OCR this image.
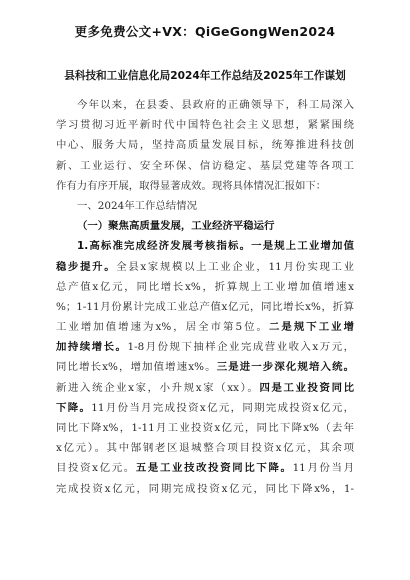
更多免费公文+VX：QiGeGongWen2024
县科技和工业信息化局2024年工作总结及2025年工作谋划
今年以来，在县委、县政府的正确领导下，科工局深入
学习贯彻习近平新时代中国特色社会主义思想，紧紧围绕
中心、服务大局，坚持高质量发展目标，统筹推进科技创
新、工业运行、安全环保、信访稳定、基层党建等各项工
作有力有序开展，取得显著成效。现将具体情况汇报如下：
一、2024年工作总结情况
（一）聚焦高质量发展，工业经济平稳运行
1.高标准完成经济发展考核指标。一是规上工业增加值
稳步提升。全县x家规模以上工业企业，11月份实现工业
总产值x亿元，同比增长x%，折算规上工业增加值增速x
%；1-11月份累计完成工业总产值x亿元，同比增长x%，折算
工业增加值增速为x%，居全市第5位。二是规下工业增
加持续增长。1-8月份规下抽样企业完成营业收入x万元，
同比增长x%，增加值增速x%。三是进一步深化规培入统。
新进入统企业x家，小升规x家（xx）。四是工业投资同比
下降。11月份当月完成投资x亿元，同期完成投资x亿元，
同比下降x%，1-11月工业投资x亿元，同比下降x%（去年
x亿元）。其中郜钢老区退城整合项目投资x亿元，其余项
目投资x亿元。五是工业技改投资同比下降。11月份当月
完成投资x亿元，同期完成投资x亿元，同比下降x%，1-
